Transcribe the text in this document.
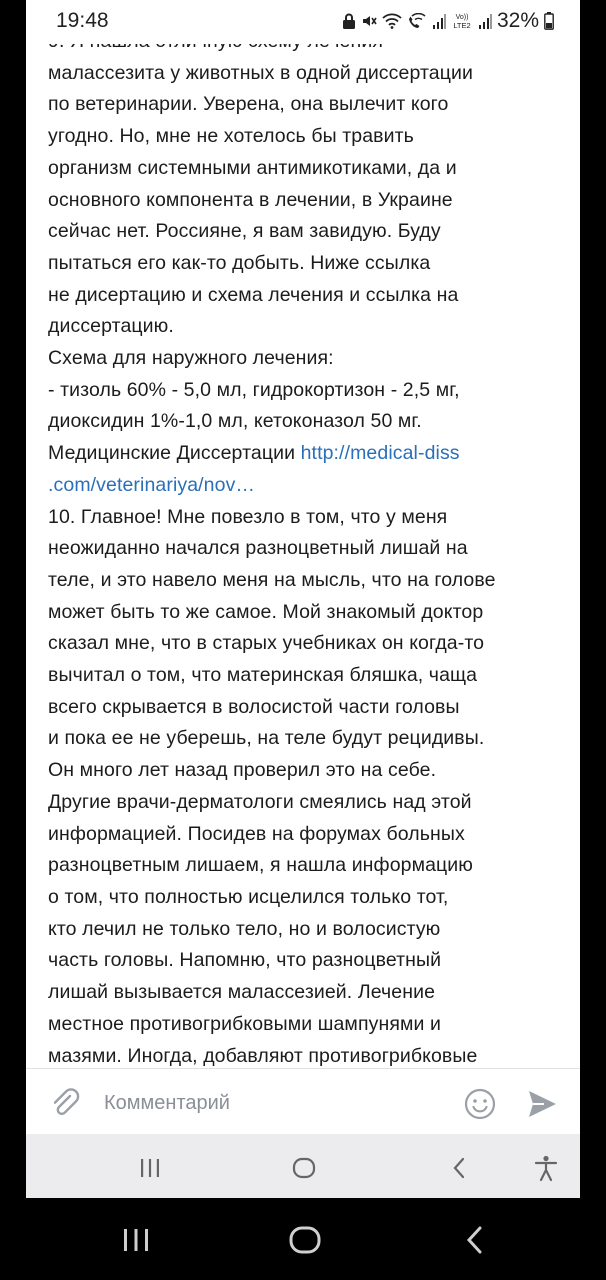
19:48	Vo))
LTE2 32%
малассезита у животных в одной диссертации
по ветеринарии. Уверена, она вылечит кого
угодно. Но, мне не хотелось бы травить
организм системными антимикотиками, да и
основного компонента в лечении, в Украине
сейчас нет. Россияне, я вам завидую. Буду
пытаться его как-то добыть. Ниже ссылка
не дисертацию и схема лечения и ссылка на
диссертацию.
Схема для наружного лечения:
- тизоль 60% - 5,0 мл, гидрокортизон - 2,5 мг,
диоксидин 1%-1,0 мл, кетоконазол 50 мг.
Медицинские Диссертации http://medical-diss
.com/veterinariya/nov…
10. Главное! Мне повезло в том, что у меня
неожиданно начался разноцветный лишай на
теле, и это навело меня на мысль, что на голове
может быть то же самое. Мой знакомый доктор
сказал мне, что в старых учебниках он когда-то
вычитал о том, что материнская бляшка, чаща
всего скрывается в волосистой части головы
и пока ее не уберешь, на теле будут рецидивы.
Он много лет назад проверил это на себе.
Другие врачи-дерматологи смеялись над этой
информацией. Посидев на форумах больных
разноцветным лишаем, я нашла информацию
о том, что полностью исцелился только тот,
кто лечил не только тело, но и волосистую
часть головы. Напомню, что разноцветный
лишай вызывается малассезией. Лечение
местное противогрибковыми шампунями и
мазями. Иногда, добавляют противогрибковые
Комментарий
